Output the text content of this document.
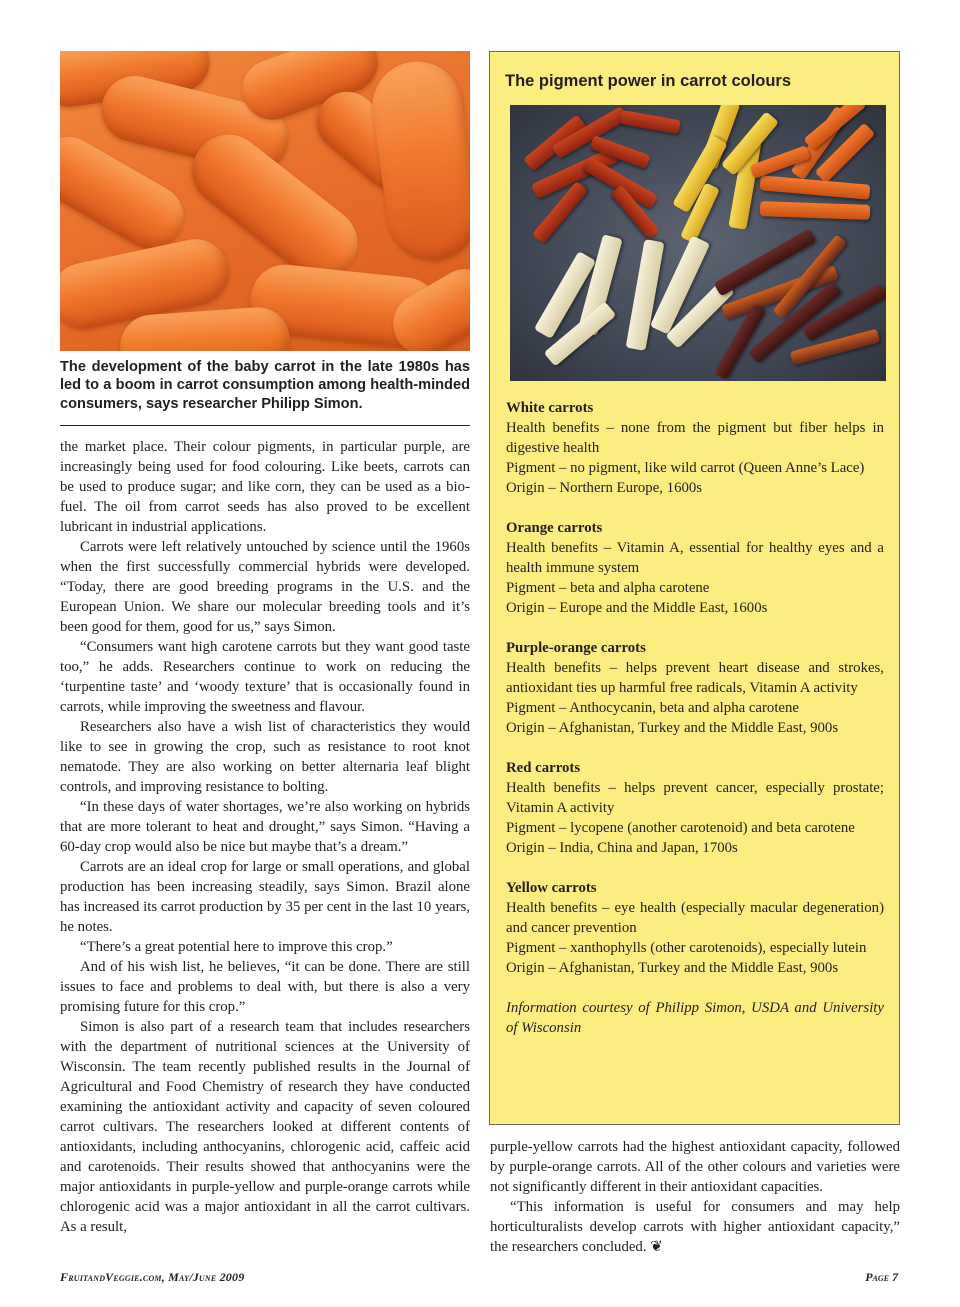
The development of the baby carrot in the late 1980s has led to a boom in carrot consumption among health-minded consumers, says researcher Philipp Simon.

the market place. Their colour pigments, in particular purple, are increasingly being used for food colouring. Like beets, carrots can be used to produce sugar; and like corn, they can be used as a bio-fuel. The oil from carrot seeds has also proved to be excellent lubricant in industrial applications.

Carrots were left relatively untouched by science until the 1960s when the first successfully commercial hybrids were developed. “Today, there are good breeding programs in the U.S. and the European Union. We share our molecular breeding tools and it’s been good for them, good for us,” says Simon.

“Consumers want high carotene carrots but they want good taste too,” he adds. Researchers continue to work on reducing the ‘turpentine taste’ and ‘woody texture’ that is occasionally found in carrots, while improving the sweetness and flavour.

Researchers also have a wish list of characteristics they would like to see in growing the crop, such as resistance to root knot nematode. They are also working on better alternaria leaf blight controls, and improving resistance to bolting.

“In these days of water shortages, we’re also working on hybrids that are more tolerant to heat and drought,” says Simon. “Having a 60-day crop would also be nice but maybe that’s a dream.”

Carrots are an ideal crop for large or small operations, and global production has been increasing steadily, says Simon. Brazil alone has increased its carrot production by 35 per cent in the last 10 years, he notes.

“There’s a great potential here to improve this crop.”

And of his wish list, he believes, “it can be done. There are still issues to face and problems to deal with, but there is also a very promising future for this crop.”

Simon is also part of a research team that includes researchers with the department of nutritional sciences at the University of Wisconsin. The team recently published results in the Journal of Agricultural and Food Chemistry of research they have conducted examining the antioxidant activity and capacity of seven coloured carrot cultivars. The researchers looked at different contents of antioxidants, including anthocyanins, chlorogenic acid, caffeic acid and carotenoids. Their results showed that anthocyanins were the major antioxidants in purple-yellow and purple-orange carrots while chlorogenic acid was a major antioxidant in all the carrot cultivars. As a result,

The pigment power in carrot colours
White carrots
Health benefits – none from the pigment but fiber helps in digestive health
Pigment – no pigment, like wild carrot (Queen Anne’s Lace)
Origin – Northern Europe, 1600s
Orange carrots
Health benefits – Vitamin A, essential for healthy eyes and a health immune system
Pigment – beta and alpha carotene
Origin – Europe and the Middle East, 1600s
Purple-orange carrots
Health benefits – helps prevent heart disease and strokes, antioxidant ties up harmful free radicals, Vitamin A activity
Pigment – Anthocycanin, beta and alpha carotene
Origin – Afghanistan, Turkey and the Middle East, 900s
Red carrots
Health benefits – helps prevent cancer, especially prostate; Vitamin A activity
Pigment – lycopene (another carotenoid) and beta carotene
Origin – India, China and Japan, 1700s
Yellow carrots
Health benefits – eye health (especially macular degeneration) and cancer prevention
Pigment – xanthophylls (other carotenoids), especially lutein
Origin – Afghanistan, Turkey and the Middle East, 900s
Information courtesy of Philipp Simon, USDA and University of Wisconsin

purple-yellow carrots had the highest antioxidant capacity, followed by purple-orange carrots. All of the other colours and varieties were not significantly different in their antioxidant capacities.

“This information is useful for consumers and may help horticulturalists develop carrots with higher antioxidant capacity,” the researchers concluded. ❦

FruitandVeggie.com, May/June 2009	Page 7
